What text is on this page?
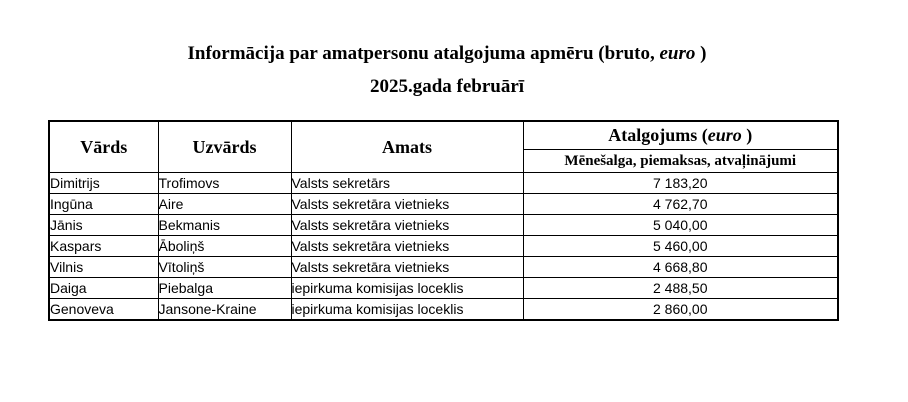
Informācija par amatpersonu atalgojuma apmēru (bruto, euro )
2025.gada februārī
Vārds	Uzvārds	Amats	Atalgojums (euro )
			Mēnešalga, piemaksas, atvaļinājumi
Dimitrijs	Trofimovs	Valsts sekretārs	7 183,20
Ingūna	Aire	Valsts sekretāra vietnieks	4 762,70
Jānis	Bekmanis	Valsts sekretāra vietnieks	5 040,00
Kaspars	Āboliņš	Valsts sekretāra vietnieks	5 460,00
Vilnis	Vītoliņš	Valsts sekretāra vietnieks	4 668,80
Daiga	Piebalga	iepirkuma komisijas loceklis	2 488,50
Genoveva	Jansone-Kraine	iepirkuma komisijas loceklis	2 860,00
